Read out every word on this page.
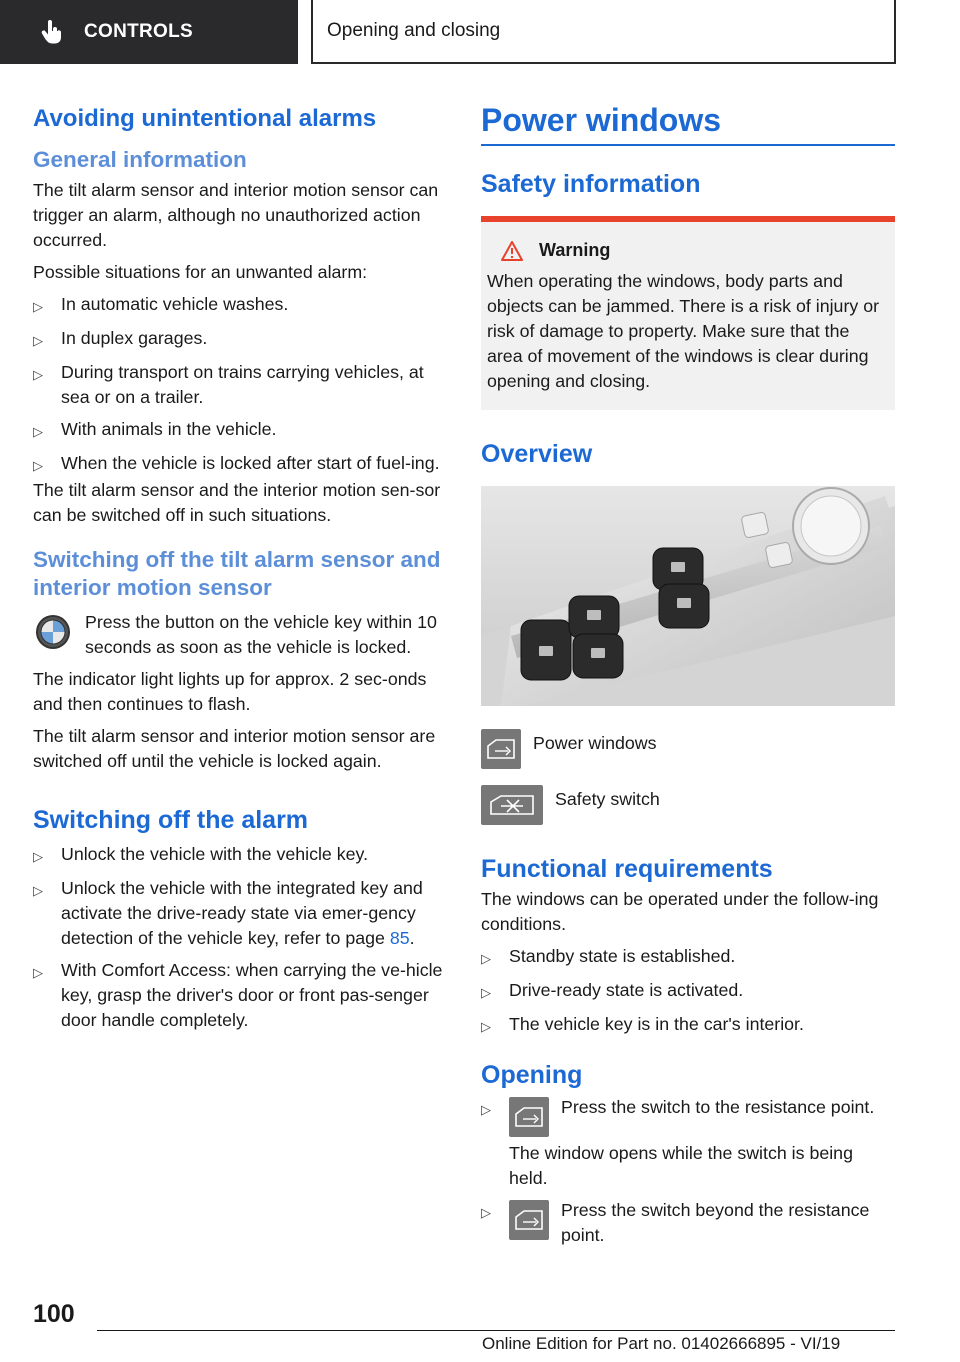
CONTROLS	Opening and closing
Avoiding unintentional alarms
General information

The tilt alarm sensor and interior motion sensor can trigger an alarm, although no unauthorized action occurred.

Possible situations for an unwanted alarm:

▷	In automatic vehicle washes.
▷	In duplex garages.
▷	During transport on trains carrying vehicles, at sea or on a trailer.
▷	With animals in the vehicle.
▷	When the vehicle is locked after start of fuel-ing.

The tilt alarm sensor and the interior motion sen-sor can be switched off in such situations.

Switching off the tilt alarm sensor and interior motion sensor
Press the button on the vehicle key within 10 seconds as soon as the vehicle is locked.

The indicator light lights up for approx. 2 sec-onds and then continues to flash.

The tilt alarm sensor and interior motion sensor are switched off until the vehicle is locked again.

Switching off the alarm
▷	Unlock the vehicle with the vehicle key.
▷	Unlock the vehicle with the integrated key and activate the drive-ready state via emer-gency detection of the vehicle key, refer to page 85.
▷	With Comfort Access: when carrying the ve-hicle key, grasp the driver's door or front pas-senger door handle completely.
Power windows
Safety information
Warning

When operating the windows, body parts and objects can be jammed. There is a risk of injury or risk of damage to property. Make sure that the area of movement of the windows is clear during opening and closing.

Overview
Power windows
Safety switch
Functional requirements

The windows can be operated under the follow-ing conditions.

▷	Standby state is established.
▷	Drive-ready state is activated.
▷	The vehicle key is in the car's interior.
Opening
▷	Press the switch to the resistance point.
The window opens while the switch is being held.
▷	Press the switch beyond the resistance point.
100
Online Edition for Part no. 01402666895 - VI/19
